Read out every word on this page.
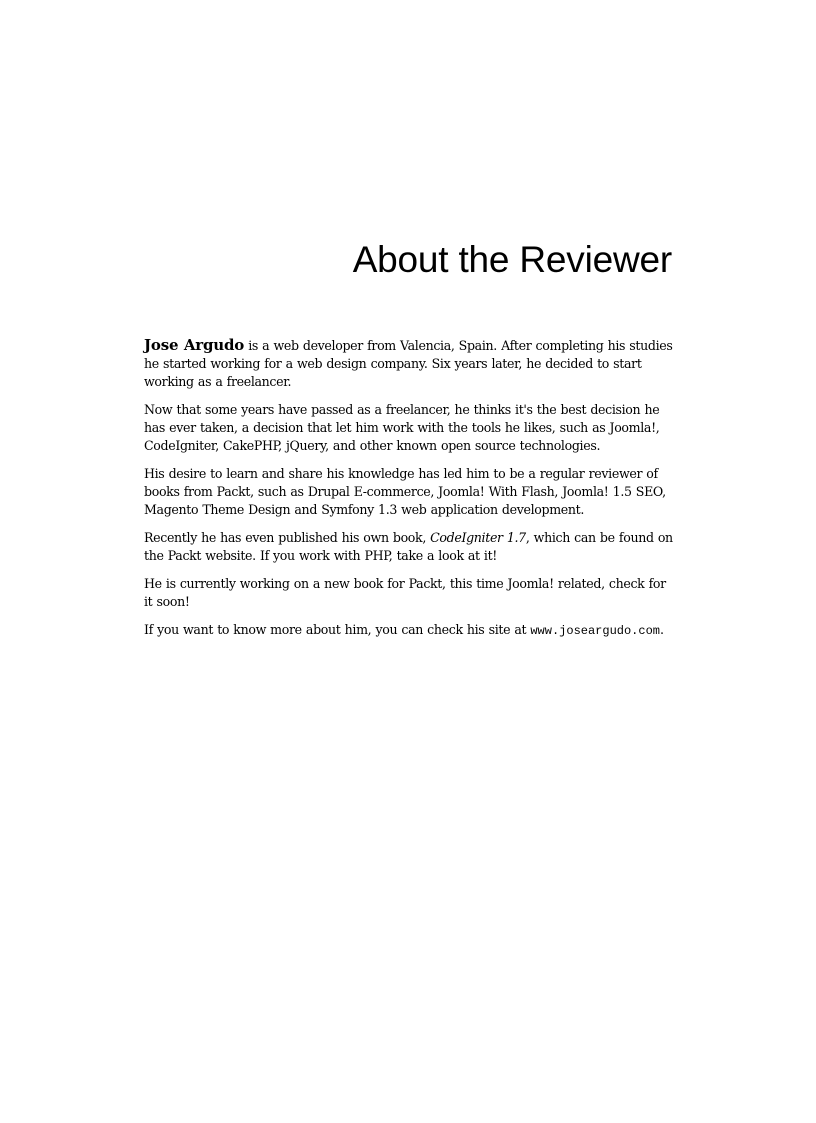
About the Reviewer

Jose Argudo is a web developer from Valencia, Spain. After completing his studies he started working for a web design company. Six years later, he decided to start working as a freelancer.

Now that some years have passed as a freelancer, he thinks it's the best decision he has ever taken, a decision that let him work with the tools he likes, such as Joomla!, CodeIgniter, CakePHP, jQuery, and other known open source technologies.

His desire to learn and share his knowledge has led him to be a regular reviewer of books from Packt, such as Drupal E-commerce, Joomla! With Flash, Joomla! 1.5 SEO, Magento Theme Design and Symfony 1.3 web application development.

Recently he has even published his own book, CodeIgniter 1.7, which can be found on the Packt website. If you work with PHP, take a look at it!

He is currently working on a new book for Packt, this time Joomla! related, check for it soon!

If you want to know more about him, you can check his site at www.joseargudo.com.
